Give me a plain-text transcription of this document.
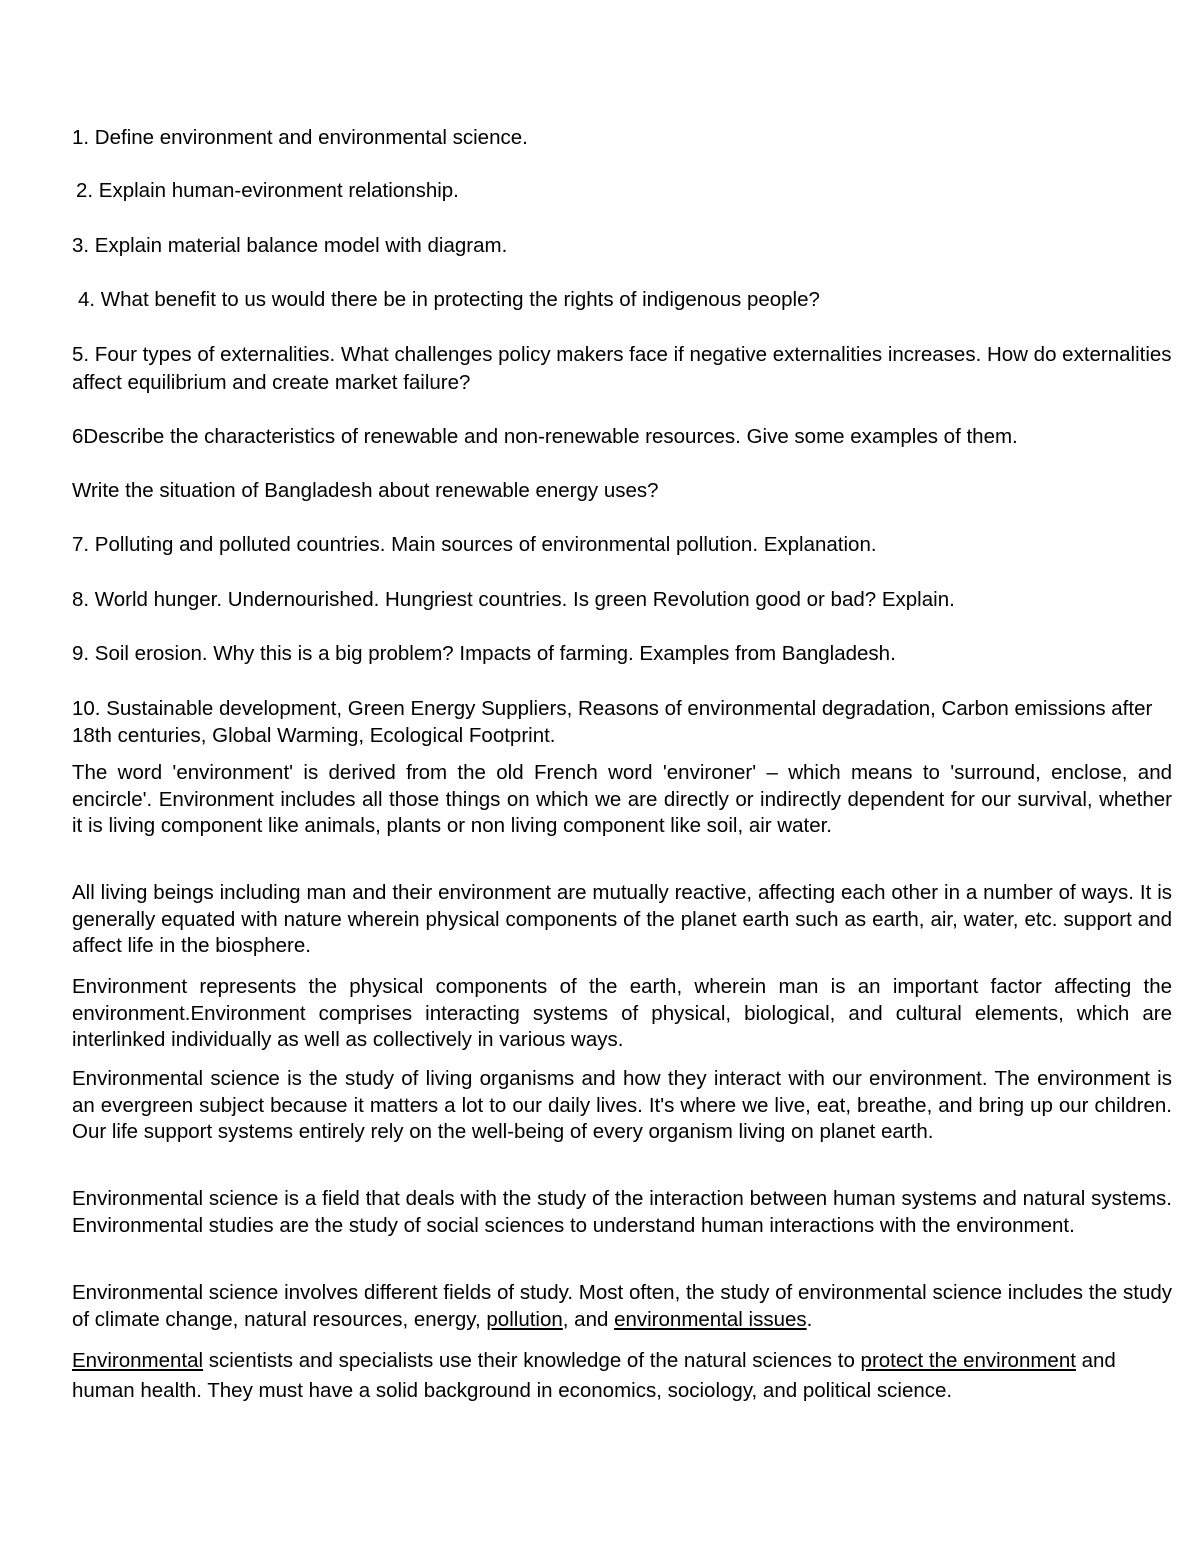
1. Define environment and environmental science.
2. Explain human-evironment relationship.
3. Explain material balance model with diagram.
4. What benefit to us would there be in protecting the rights of indigenous people?
5. Four types of externalities. What challenges policy makers face if negative externalities increases. How do externalities affect equilibrium and create market failure?
6Describe the characteristics of renewable and non-renewable resources. Give some examples of them.
Write the situation of Bangladesh about renewable energy uses?
7. Polluting and polluted countries. Main sources of environmental pollution. Explanation.
8. World hunger. Undernourished. Hungriest countries. Is green Revolution good or bad? Explain.
9. Soil erosion. Why this is a big problem? Impacts of farming. Examples from Bangladesh.
10. Sustainable development, Green Energy Suppliers, Reasons of environmental degradation, Carbon emissions after 18th centuries, Global Warming, Ecological Footprint.
The word 'environment' is derived from the old French word 'environer' – which means to 'surround, enclose, and encircle'. Environment includes all those things on which we are directly or indirectly dependent for our survival, whether it is living component like animals, plants or non living component like soil, air water.
All living beings including man and their environment are mutually reactive, affecting each other in a number of ways. It is generally equated with nature wherein physical components of the planet earth such as earth, air, water, etc. support and affect life in the biosphere.
Environment represents the physical components of the earth, wherein man is an important factor affecting the environment.Environment comprises interacting systems of physical, biological, and cultural elements, which are interlinked individually as well as collectively in various ways.
Environmental science is the study of living organisms and how they interact with our environment. The environment is an evergreen subject because it matters a lot to our daily lives. It's where we live, eat, breathe, and bring up our children. Our life support systems entirely rely on the well-being of every organism living on planet earth.
Environmental science is a field that deals with the study of the interaction between human systems and natural systems. Environmental studies are the study of social sciences to understand human interactions with the environment.
Environmental science involves different fields of study. Most often, the study of environmental science includes the study of climate change, natural resources, energy, pollution, and environmental issues.
Environmental scientists and specialists use their knowledge of the natural sciences to protect the environment and human health. They must have a solid background in economics, sociology, and political science.
